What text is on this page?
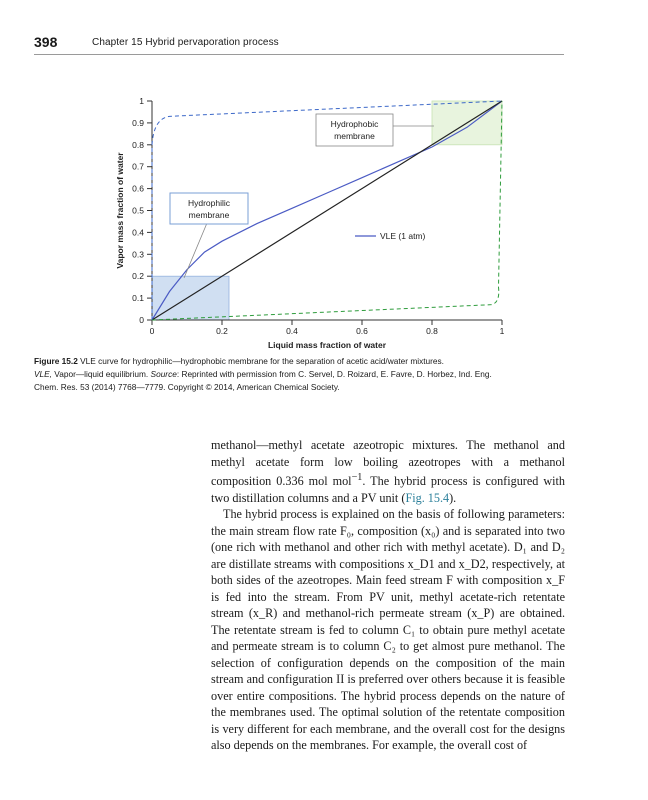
398	Chapter 15 Hybrid pervaporation process
0
0.1
0.2
0.3
0.4
0.5
0.6
0.7
0.8
0.9
1
0	0.2	0.4	0.6	0.8	1
Liquid mass fraction of water
Vapor mass fraction of water	VLE (1 atm)
Hydrophobic
membrane
Hydrophilic
membrane
Figure 15.2 VLE curve for hydrophilic—hydrophobic membrane for the separation of acetic acid/water mixtures.
VLE, Vapor—liquid equilibrium. Source: Reprinted with permission from C. Servel, D. Roizard, E. Favre, D. Horbez, Ind. Eng.
Chem. Res. 53 (2014) 7768—7779. Copyright © 2014, American Chemical Society.

methanol—methyl acetate azeotropic mixtures. The methanol and methyl acetate form low boiling azeotropes with a methanol composition 0.336 mol mol$^{-1}$. The hybrid process is configured with two distillation columns and a PV unit (Fig. 15.4).

The hybrid process is explained on the basis of following parameters: the main stream flow rate F₀, composition (x₀) and is separated into two (one rich with methanol and other rich with methyl acetate). D₁ and D₂ are distillate streams with compositions x_D1 and x_D2, respectively, at both sides of the azeotropes. Main feed stream F with composition x_F is fed into the stream. From PV unit, methyl acetate-rich retentate stream (x_R) and methanol-rich permeate stream (x_P) are obtained. The retentate stream is fed to column C₁ to obtain pure methyl acetate and permeate stream is to column C₂ to get almost pure methanol. The selection of configuration depends on the composition of the main stream and configuration II is preferred over others because it is feasible over entire compositions. The hybrid process depends on the nature of the membranes used. The optimal solution of the retentate composition is very different for each membrane, and the overall cost for the designs also depends on the membranes. For example, the overall cost of
